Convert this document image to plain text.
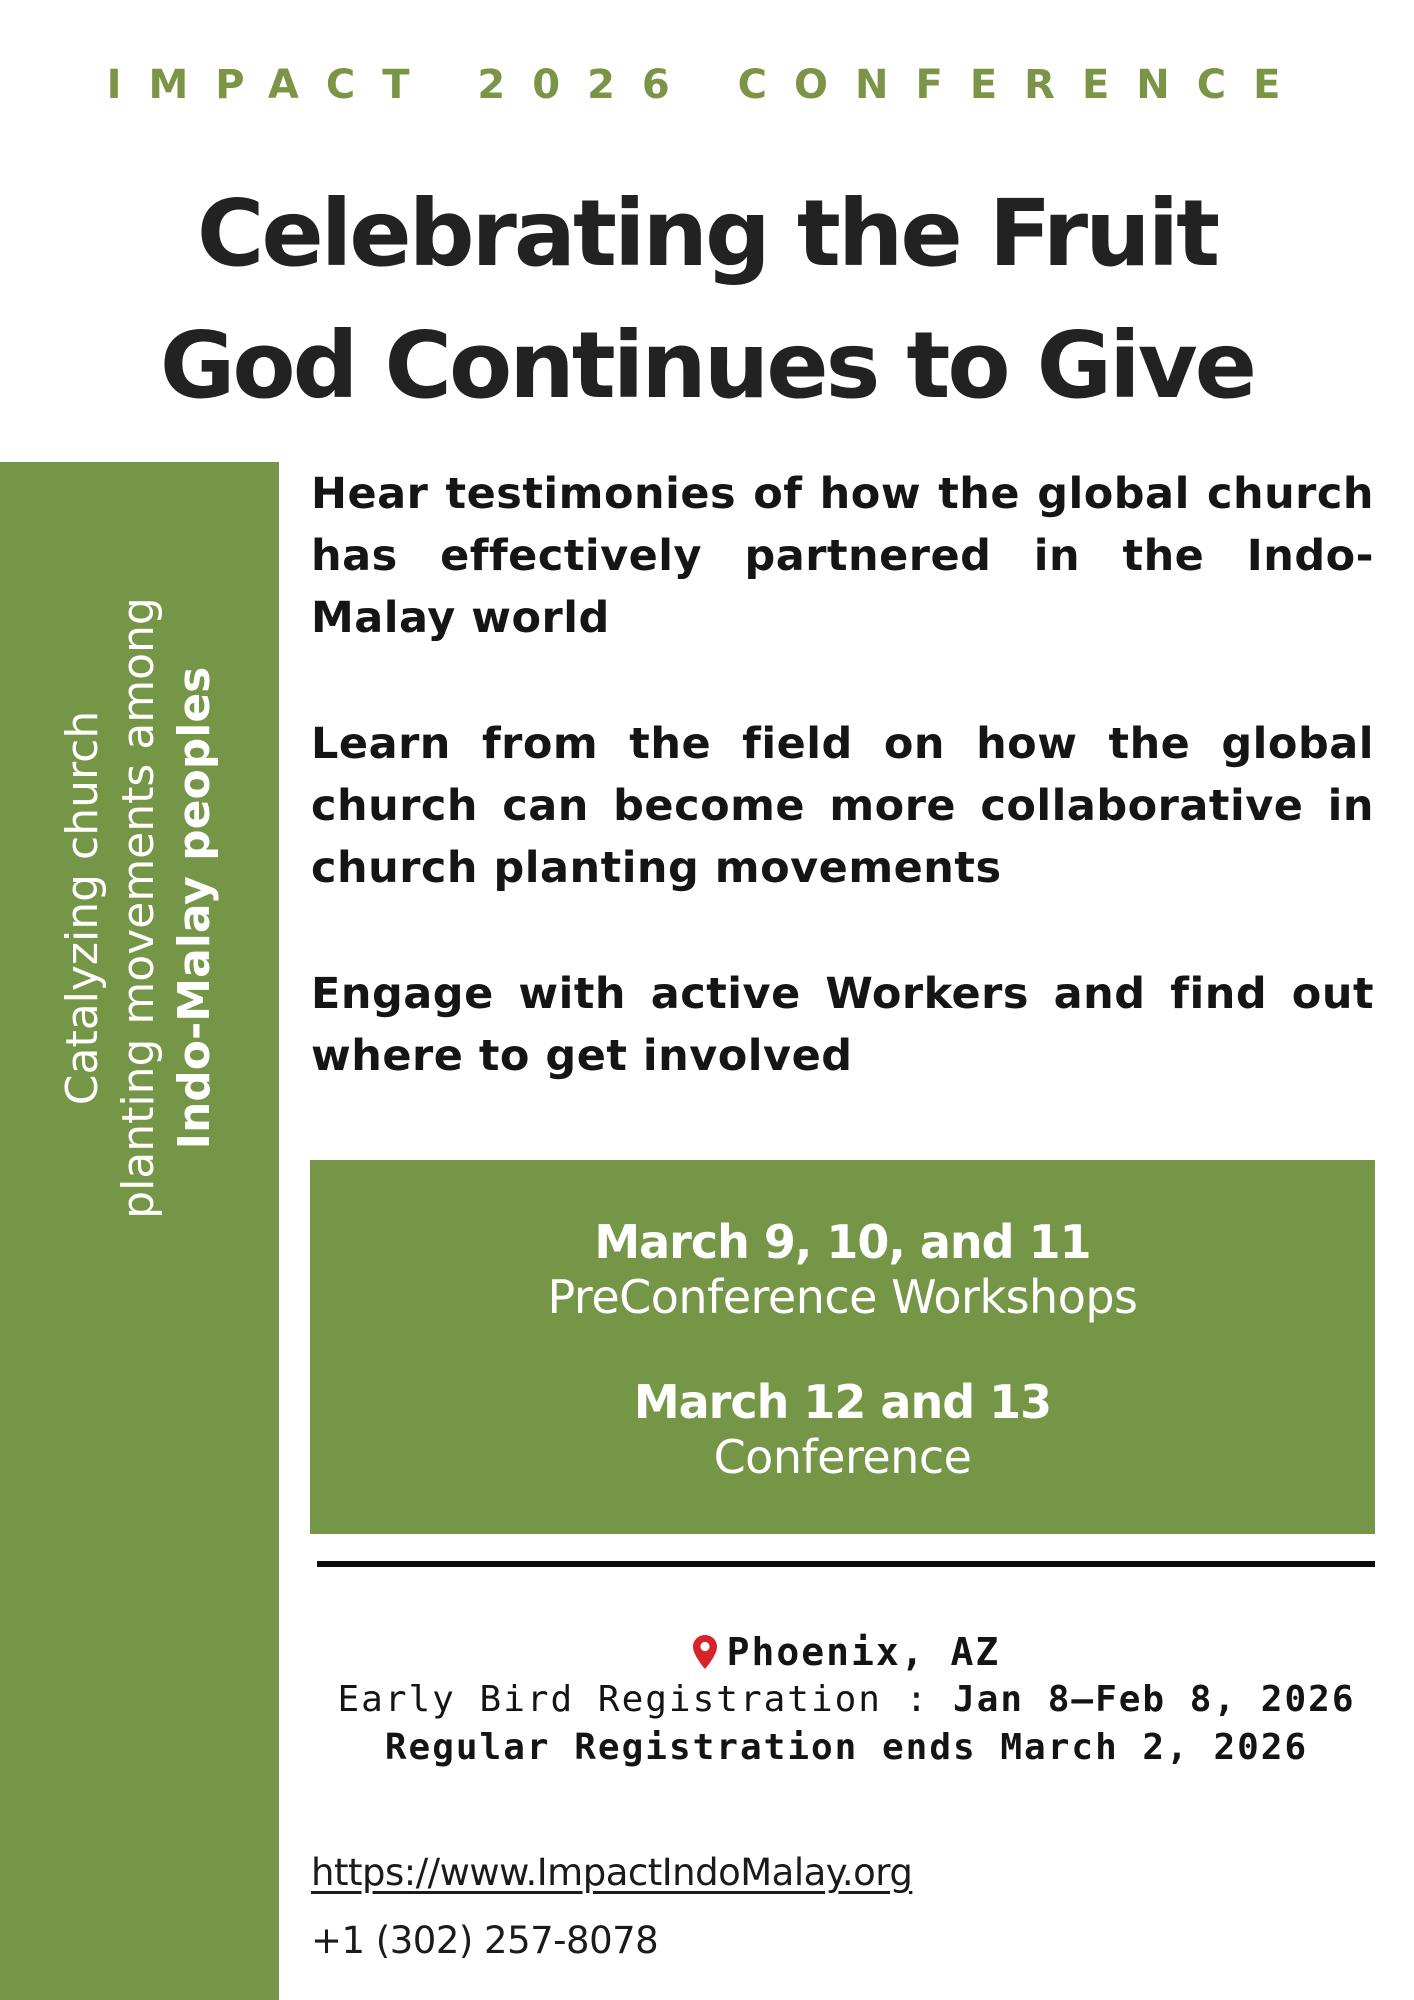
IMPACT 2026 CONFERENCE
Celebrating the Fruit
God Continues to Give
Catalyzing church planting movements among Indo-Malay peoples

Hear testimonies of how the global church has effectively partnered in the Indo-Malay world

Learn from the field on how the global church can become more collaborative in church planting movements

Engage with active Workers and find out where to get involved

March 9, 10, and 11
PreConference Workshops
March 12 and 13
Conference
Phoenix, AZ
Early Bird Registration : Jan 8–Feb 8, 2026
Regular Registration ends March 2, 2026
https://www.ImpactIndoMalay.org
+1 (302) 257-8078
